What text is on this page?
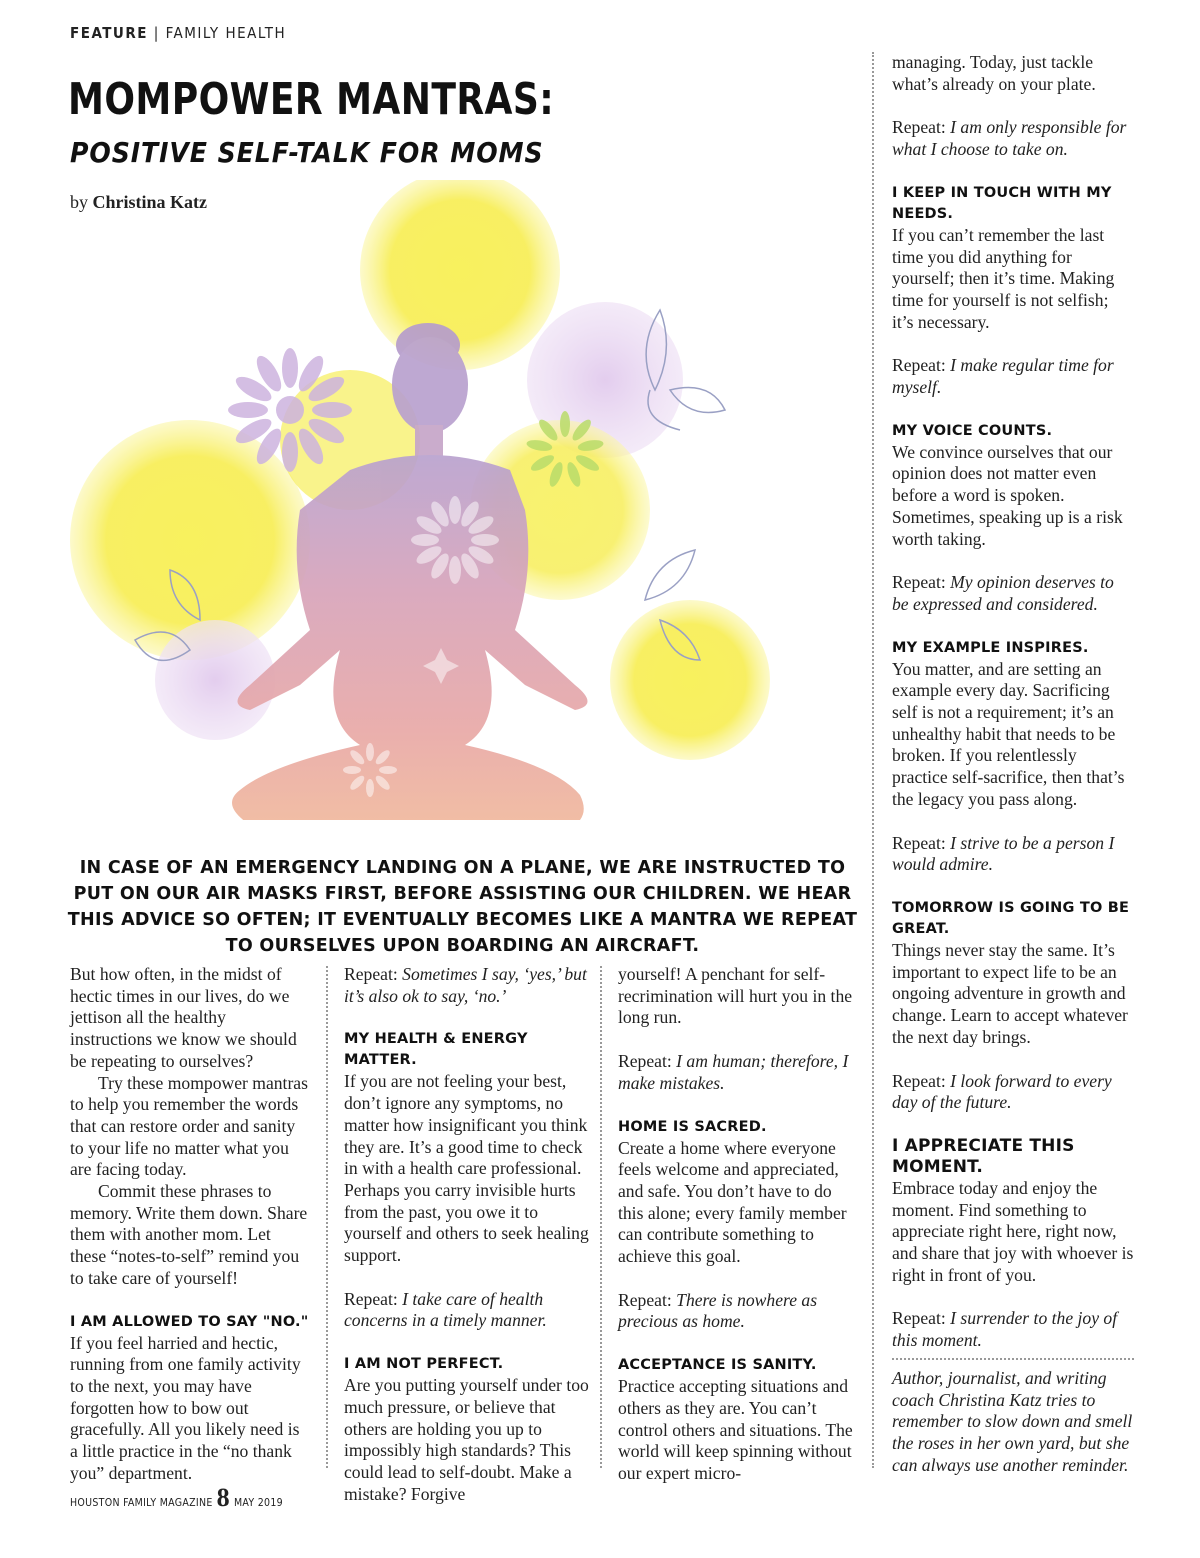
FEATURE | FAMILY HEALTH
MOMPOWER MANTRAS:
POSITIVE SELF-TALK FOR MOMS
by Christina Katz
IN CASE OF AN EMERGENCY LANDING ON A PLANE, WE ARE INSTRUCTED TO PUT ON OUR AIR MASKS FIRST, BEFORE ASSISTING OUR CHILDREN. WE HEAR THIS ADVICE SO OFTEN; IT EVENTUALLY BECOMES LIKE A MANTRA WE REPEAT TO OURSELVES UPON BOARDING AN AIRCRAFT.

But how often, in the midst of hectic times in our lives, do we jettison all the healthy instructions we know we should be repeating to ourselves?

Try these mompower mantras to help you remember the words that can restore order and sanity to your life no matter what you are facing today.

Commit these phrases to memory. Write them down. Share them with another mom. Let these “notes-to-self” remind you to take care of yourself!

I AM ALLOWED TO SAY "NO."

If you feel harried and hectic, running from one family activity to the next, you may have forgotten how to bow out gracefully. All you likely need is a little practice in the “no thank you” department.

Repeat: Sometimes I say, ‘yes,’ but it’s also ok to say, ‘no.’

MY HEALTH & ENERGY MATTER.

If you are not feeling your best, don’t ignore any symptoms, no matter how insignificant you think they are. It’s a good time to check in with a health care professional. Perhaps you carry invisible hurts from the past, you owe it to yourself and others to seek healing support.

Repeat: I take care of health concerns in a timely manner.

I AM NOT PERFECT.

Are you putting yourself under too much pressure, or believe that others are holding you up to impossibly high standards? This could lead to self-doubt. Make a mistake? Forgive

yourself! A penchant for self-recrimination will hurt you in the long run.

Repeat: I am human; therefore, I make mistakes.

HOME IS SACRED.

Create a home where everyone feels welcome and appreciated, and safe. You don’t have to do this alone; every family member can contribute something to achieve this goal.

Repeat: There is nowhere as precious as home.

ACCEPTANCE IS SANITY.

Practice accepting situations and others as they are. You can’t control others and situations. The world will keep spinning without our expert micro-

managing. Today, just tackle what’s already on your plate.

Repeat: I am only responsible for what I choose to take on.

I KEEP IN TOUCH WITH MY NEEDS.

If you can’t remember the last time you did anything for yourself; then it’s time. Making time for yourself is not selfish; it’s necessary.

Repeat: I make regular time for myself.

MY VOICE COUNTS.

We convince ourselves that our opinion does not matter even before a word is spoken. Sometimes, speaking up is a risk worth taking.

Repeat: My opinion deserves to be expressed and considered.

MY EXAMPLE INSPIRES.

You matter, and are setting an example every day. Sacrificing self is not a requirement; it’s an unhealthy habit that needs to be broken. If you relentlessly practice self-sacrifice, then that’s the legacy you pass along.

Repeat: I strive to be a person I would admire.

TOMORROW IS GOING TO BE GREAT.

Things never stay the same. It’s important to expect life to be an ongoing adventure in growth and change. Learn to accept whatever the next day brings.

Repeat: I look forward to every day of the future.

I APPRECIATE THIS MOMENT.

Embrace today and enjoy the moment. Find something to appreciate right here, right now, and share that joy with whoever is right in front of you.

Repeat: I surrender to the joy of this moment.

Author, journalist, and writing coach Christina Katz tries to remember to slow down and smell the roses in her own yard, but she can always use another reminder.

HOUSTON FAMILY MAGAZINE 8 MAY 2019
